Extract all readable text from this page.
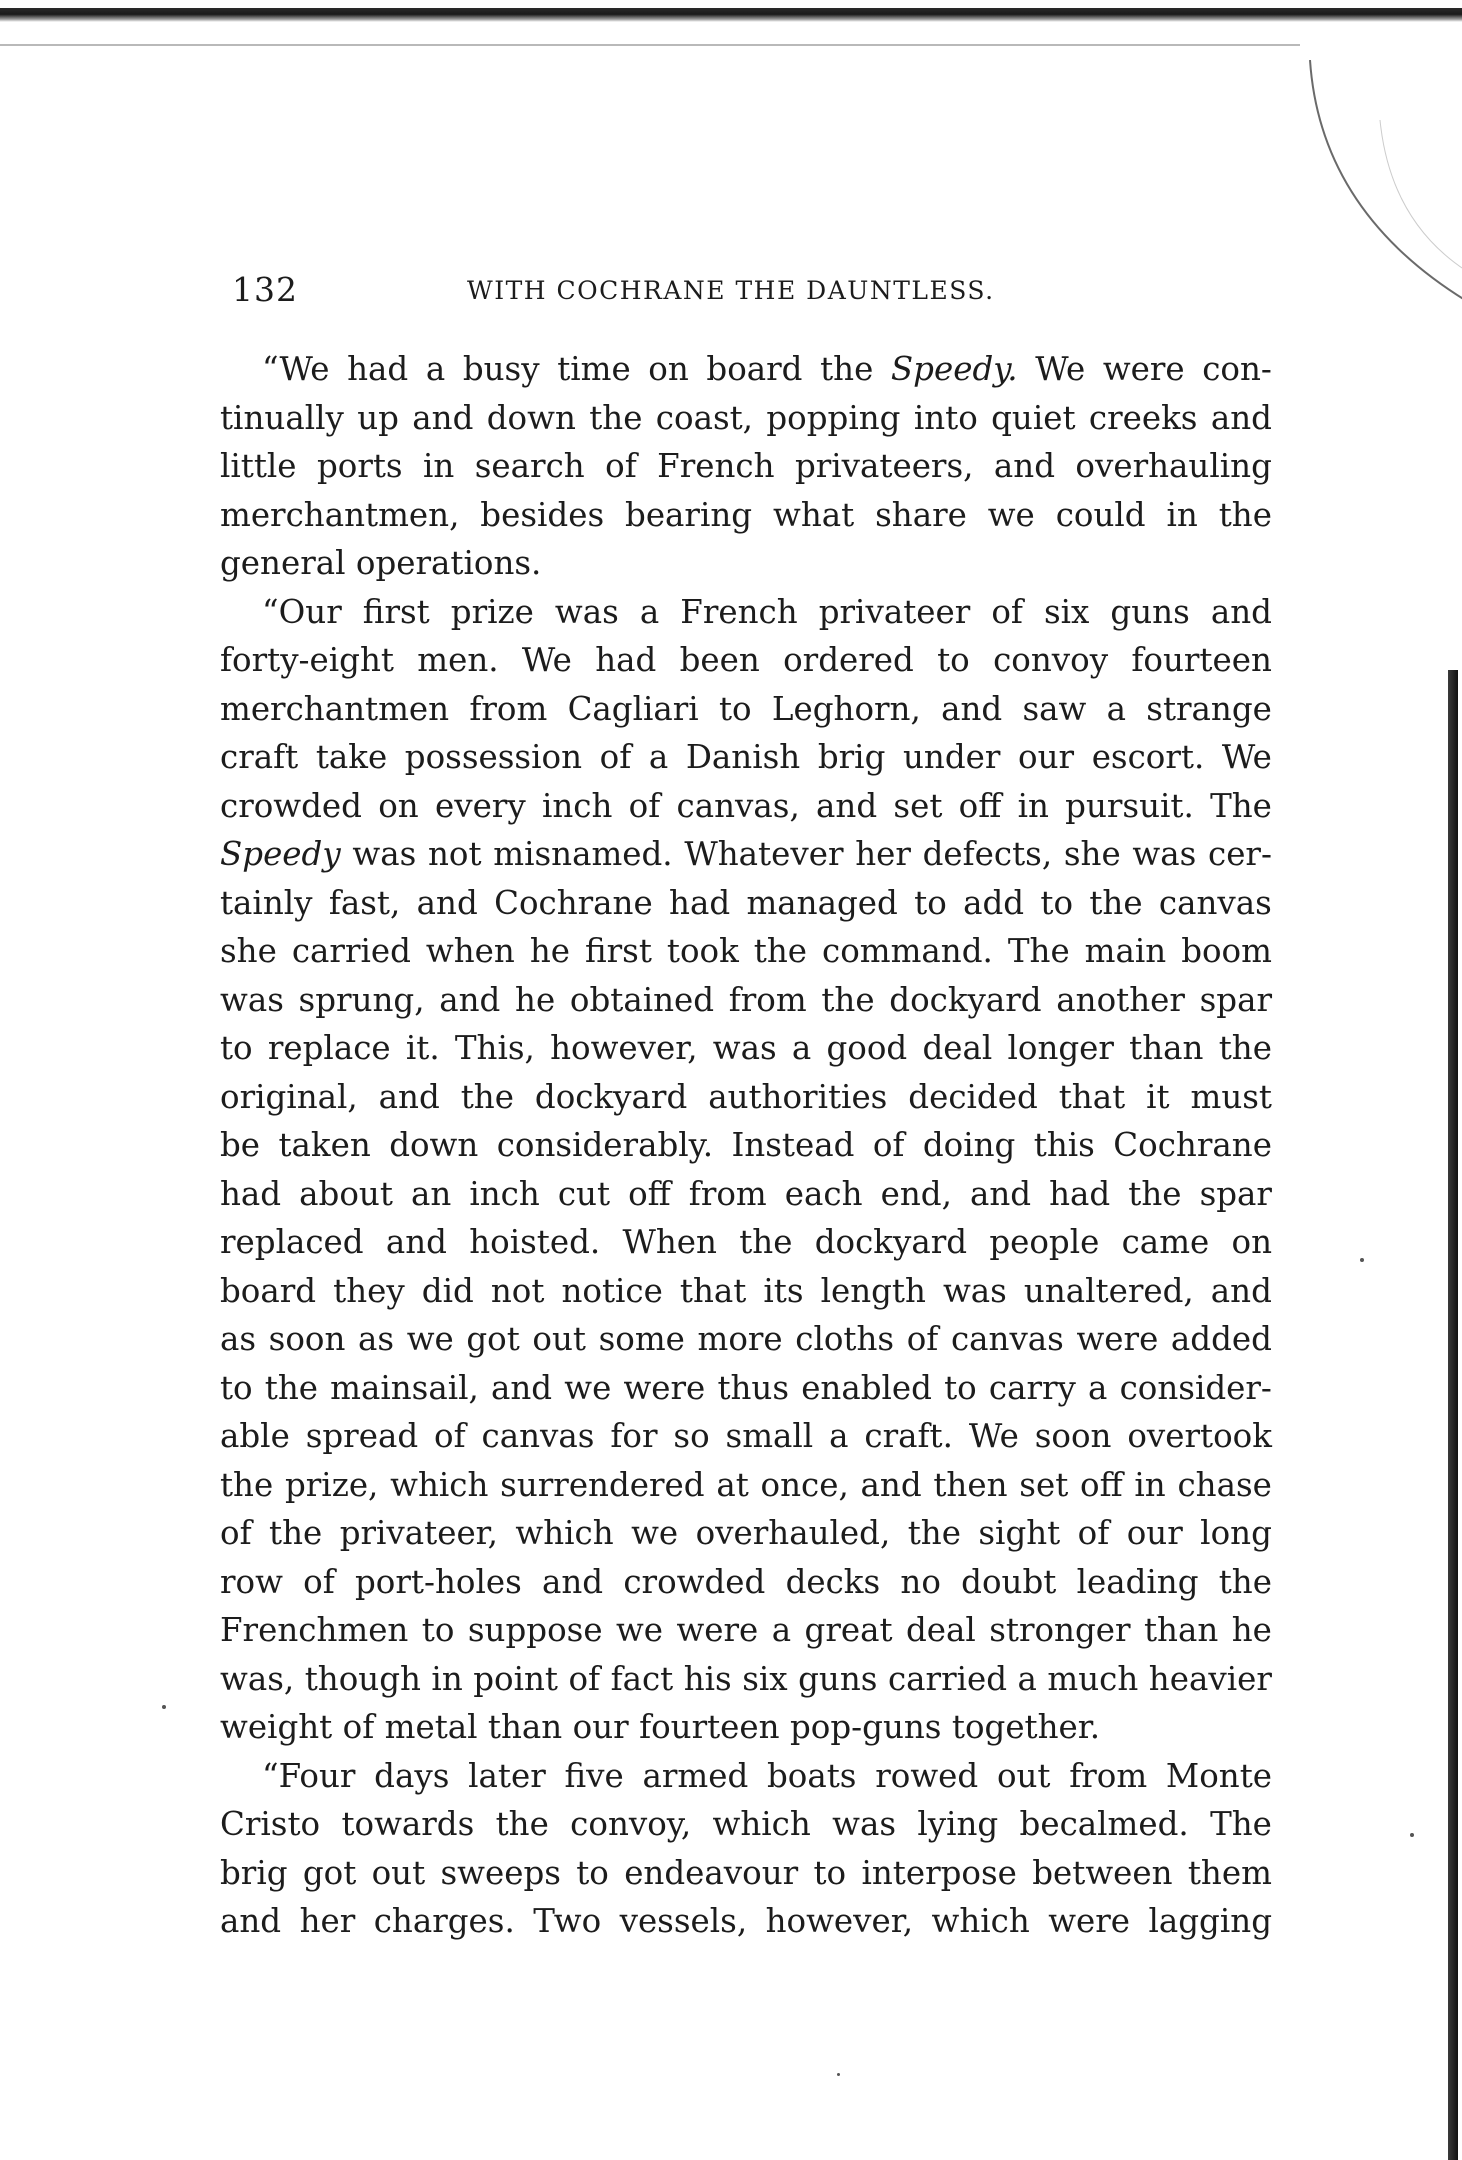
132	WITH COCHRANE THE DAUNTLESS.
“We had a busy time on board the Speedy. We were con-
tinually up and down the coast, popping into quiet creeks and
little ports in search of French privateers, and overhauling
merchantmen, besides bearing what share we could in the
general operations.
“Our first prize was a French privateer of six guns and
forty-eight men. We had been ordered to convoy fourteen
merchantmen from Cagliari to Leghorn, and saw a strange
craft take possession of a Danish brig under our escort. We
crowded on every inch of canvas, and set off in pursuit. The
Speedy was not misnamed. Whatever her defects, she was cer-
tainly fast, and Cochrane had managed to add to the canvas
she carried when he first took the command. The main boom
was sprung, and he obtained from the dockyard another spar
to replace it. This, however, was a good deal longer than the
original, and the dockyard authorities decided that it must
be taken down considerably. Instead of doing this Cochrane
had about an inch cut off from each end, and had the spar
replaced and hoisted. When the dockyard people came on
board they did not notice that its length was unaltered, and
as soon as we got out some more cloths of canvas were added
to the mainsail, and we were thus enabled to carry a consider-
able spread of canvas for so small a craft. We soon overtook
the prize, which surrendered at once, and then set off in chase
of the privateer, which we overhauled, the sight of our long
row of port-holes and crowded decks no doubt leading the
Frenchmen to suppose we were a great deal stronger than he
was, though in point of fact his six guns carried a much heavier
weight of metal than our fourteen pop-guns together.
“Four days later five armed boats rowed out from Monte
Cristo towards the convoy, which was lying becalmed. The
brig got out sweeps to endeavour to interpose between them
and her charges. Two vessels, however, which were lagging
